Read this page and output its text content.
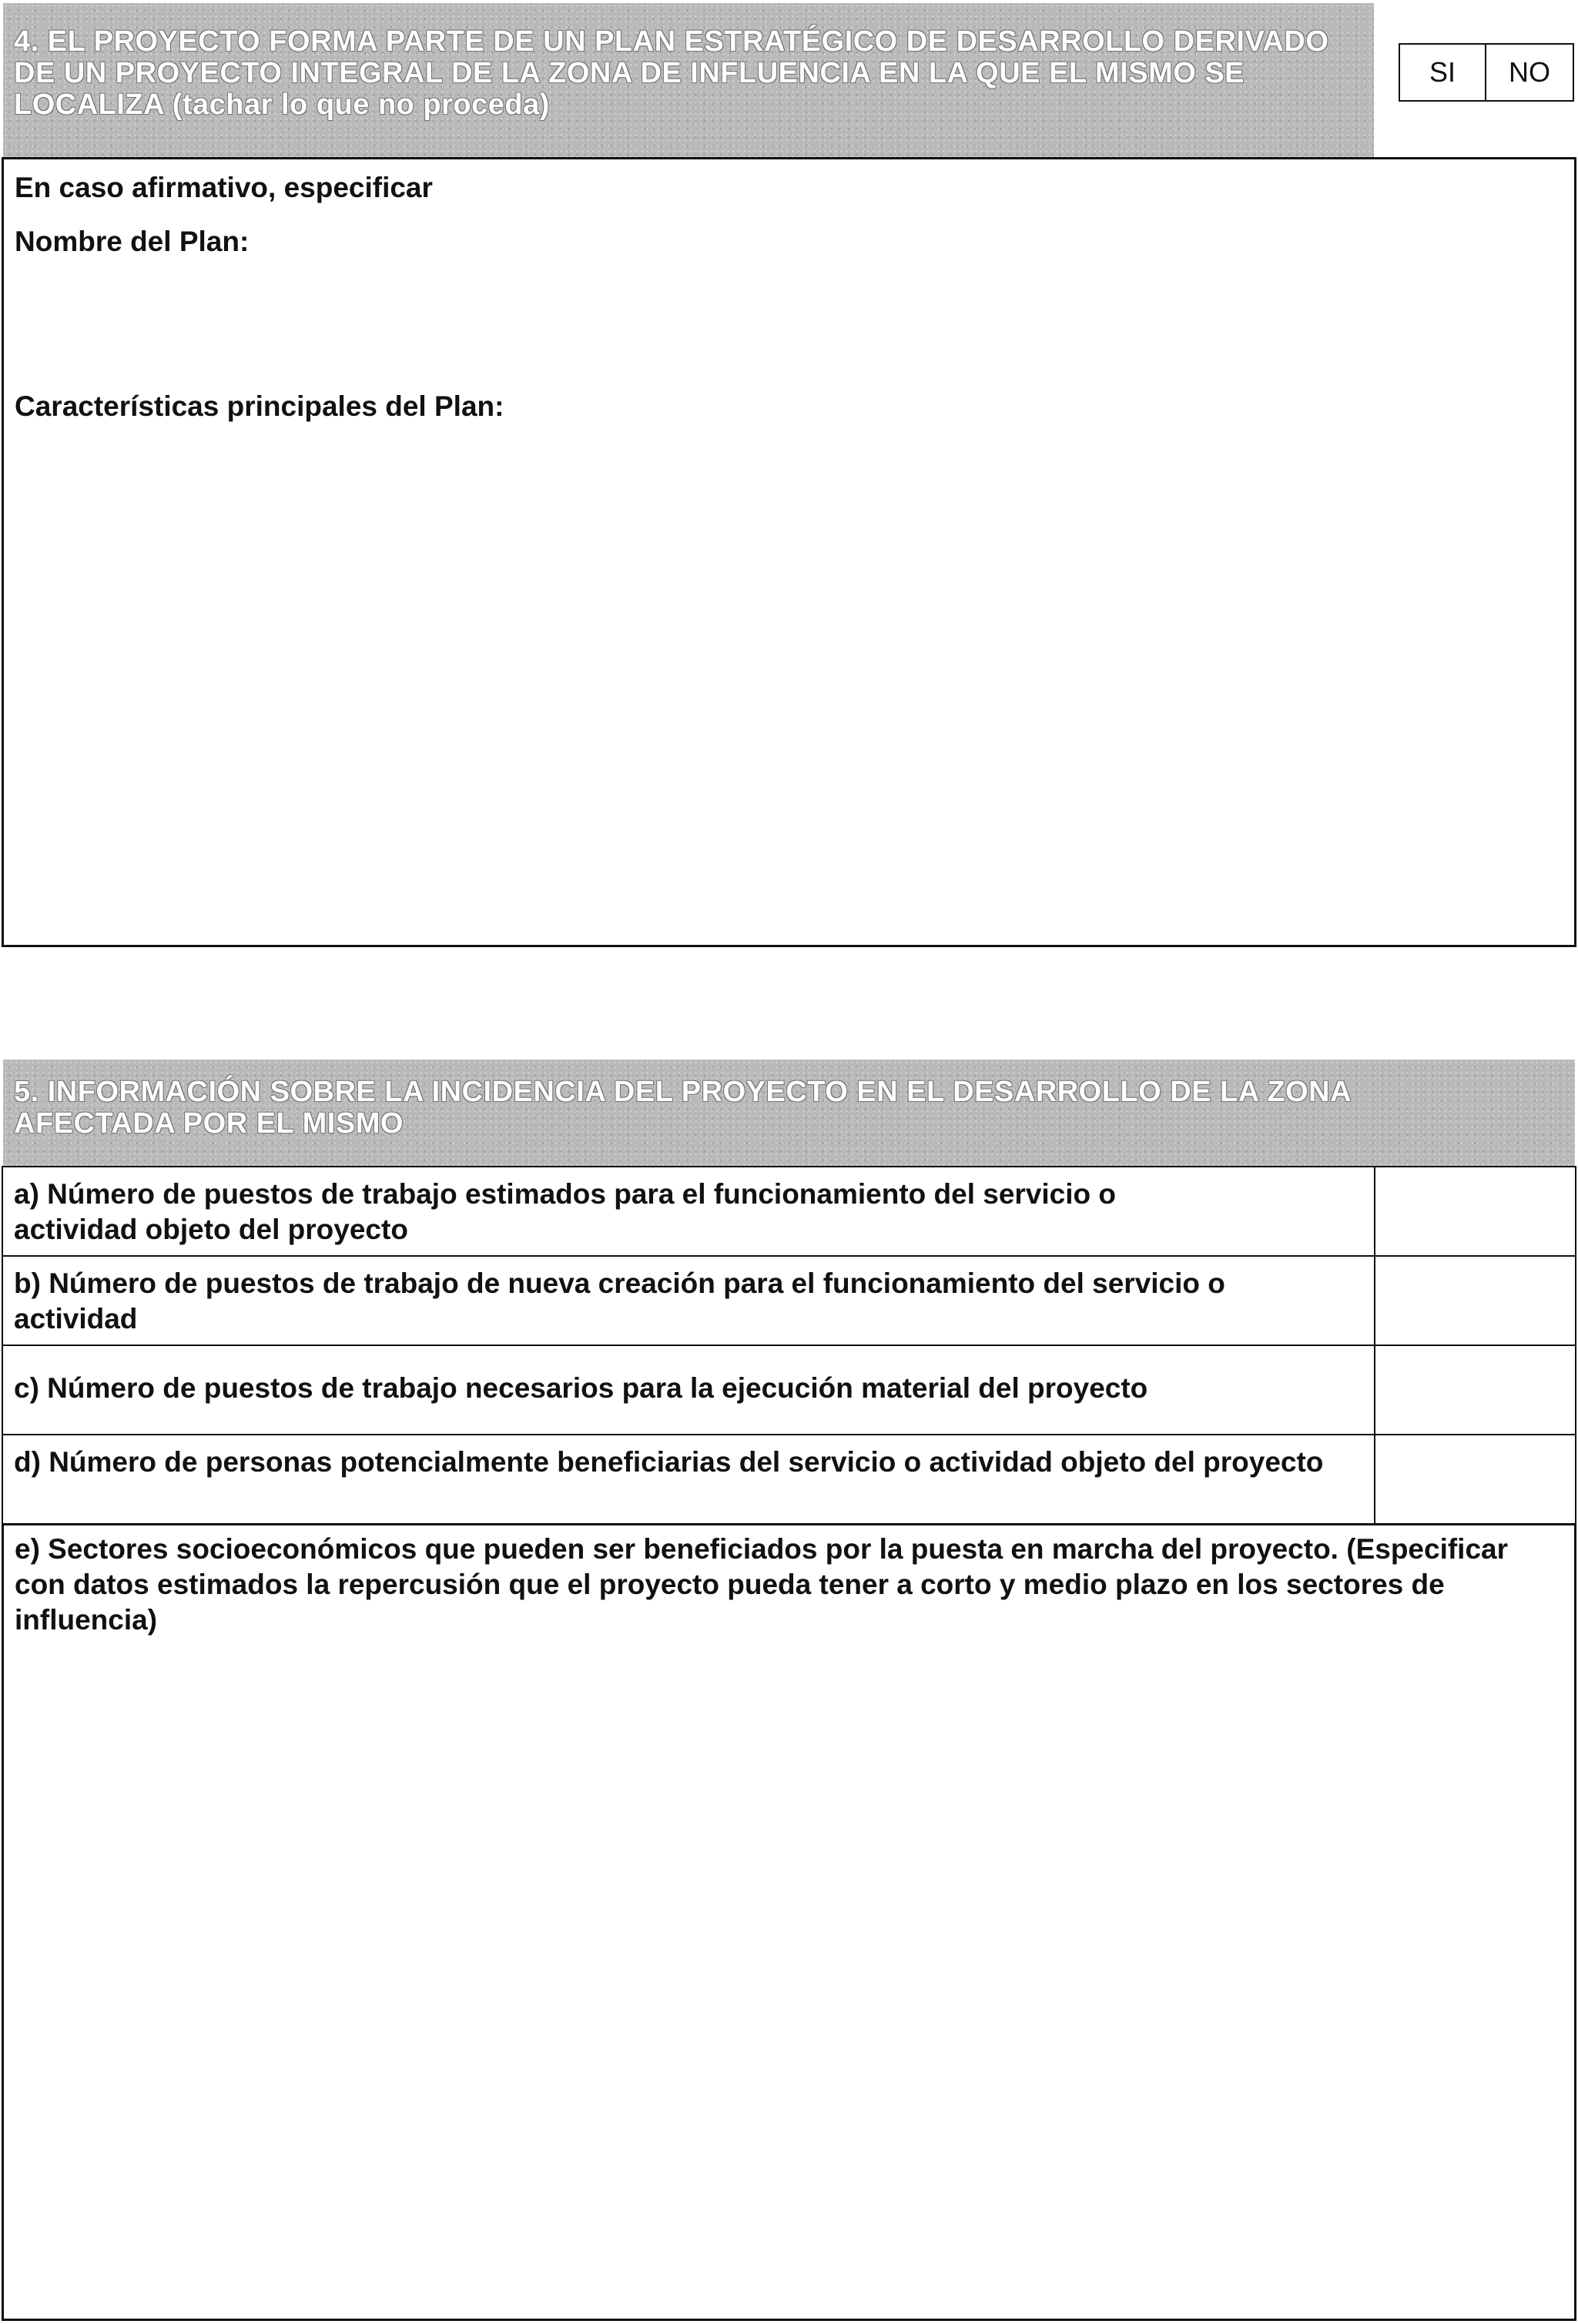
4. EL PROYECTO FORMA PARTE DE UN PLAN ESTRATÉGICO DE DESARROLLO DERIVADO DE UN PROYECTO INTEGRAL DE LA ZONA DE INFLUENCIA EN LA QUE EL MISMO SE LOCALIZA (tachar lo que no proceda)
SI NO
En caso afirmativo, especificar
Nombre del Plan:
Características principales del Plan:
5. INFORMACIÓN SOBRE LA INCIDENCIA DEL PROYECTO EN EL DESARROLLO DE LA ZONA AFECTADA POR EL MISMO
a) Número de puestos de trabajo estimados para el funcionamiento del servicio o actividad objeto del proyecto
b) Número de puestos de trabajo de nueva creación para el funcionamiento del servicio o actividad
c) Número de puestos de trabajo necesarios para la ejecución material del proyecto
d) Número de personas potencialmente beneficiarias del servicio o actividad objeto del proyecto
e) Sectores socioeconómicos que pueden ser beneficiados por la puesta en marcha del proyecto. (Especificar con datos estimados la repercusión que el proyecto pueda tener a corto y medio plazo en los sectores de influencia)
